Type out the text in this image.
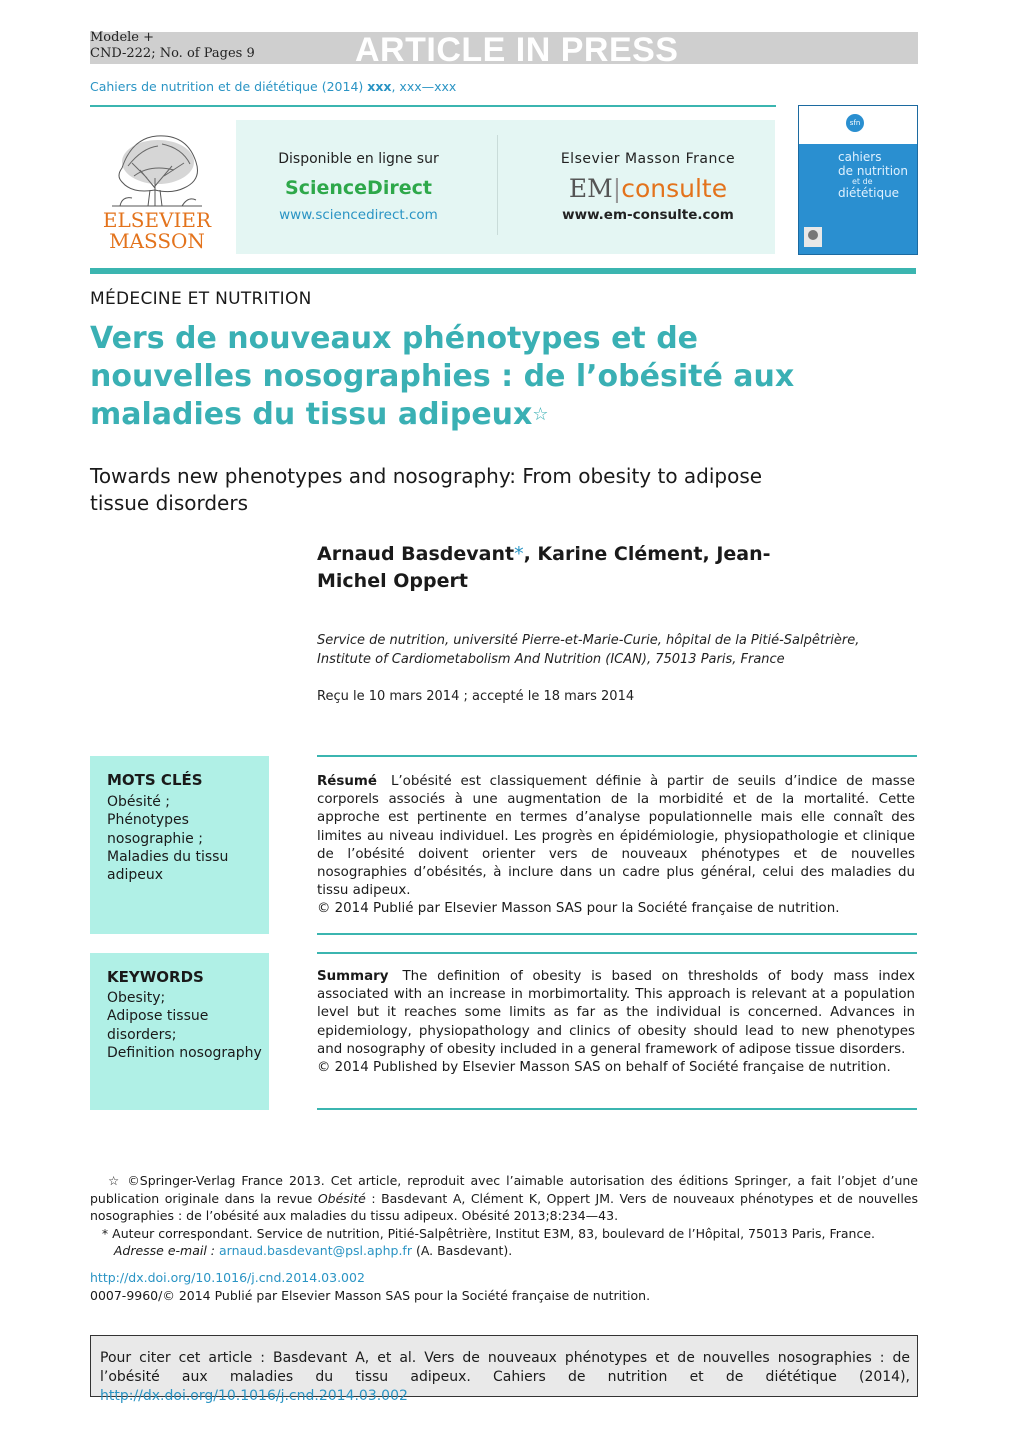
Modele +
CND-222; No. of Pages 9	ARTICLE IN PRESS
Cahiers de nutrition et de diététique (2014) xxx, xxx—xxx
ELSEVIER
MASSON
Disponible en ligne sur
ScienceDirect
www.sciencedirect.com
Elsevier Masson France
EM|consulte
www.em-consulte.com
sfn
cahiers
de nutrition
et de
diététique
MÉDECINE ET NUTRITION
Vers de nouveaux phénotypes et de nouvelles nosographies : de l’obésité aux maladies du tissu adipeux☆
Towards new phenotypes and nosography: From obesity to adipose tissue disorders
Arnaud Basdevant*, Karine Clément, Jean-Michel Oppert
Service de nutrition, université Pierre-et-Marie-Curie, hôpital de la Pitié-Salpêtrière, Institute of Cardiometabolism And Nutrition (ICAN), 75013 Paris, France
Reçu le 10 mars 2014 ; accepté le 18 mars 2014
MOTS CLÉS
Obésité ;
Phénotypes
nosographie ;
Maladies du tissu
adipeux
KEYWORDS
Obesity;
Adipose tissue
disorders;
Definition nosography
Résumé L’obésité est classiquement définie à partir de seuils d’indice de masse corporels associés à une augmentation de la morbidité et de la mortalité. Cette approche est pertinente en termes d’analyse populationnelle mais elle connaît des limites au niveau individuel. Les progrès en épidémiologie, physiopathologie et clinique de l’obésité doivent orienter vers de nouveaux phénotypes et de nouvelles nosographies d’obésités, à inclure dans un cadre plus général, celui des maladies du tissu adipeux.
© 2014 Publié par Elsevier Masson SAS pour la Société française de nutrition.
Summary The definition of obesity is based on thresholds of body mass index associated with an increase in morbimortality. This approach is relevant at a population level but it reaches some limits as far as the individual is concerned. Advances in epidemiology, physiopathology and clinics of obesity should lead to new phenotypes and nosography of obesity included in a general framework of adipose tissue disorders.
© 2014 Published by Elsevier Masson SAS on behalf of Société française de nutrition.
☆ ©Springer-Verlag France 2013. Cet article, reproduit avec l’aimable autorisation des éditions Springer, a fait l’objet d’une publication originale dans la revue Obésité : Basdevant A, Clément K, Oppert JM. Vers de nouveaux phénotypes et de nouvelles nosographies : de l’obésité aux maladies du tissu adipeux. Obésité 2013;8:234—43.
* Auteur correspondant. Service de nutrition, Pitié-Salpêtrière, Institut E3M, 83, boulevard de l’Hôpital, 75013 Paris, France.
Adresse e-mail : arnaud.basdevant@psl.aphp.fr (A. Basdevant).
http://dx.doi.org/10.1016/j.cnd.2014.03.002
0007-9960/© 2014 Publié par Elsevier Masson SAS pour la Société française de nutrition.
Pour citer cet article : Basdevant A, et al. Vers de nouveaux phénotypes et de nouvelles nosographies : de l’obésité aux maladies du tissu adipeux. Cahiers de nutrition et de diététique (2014), http://dx.doi.org/10.1016/j.cnd.2014.03.002
